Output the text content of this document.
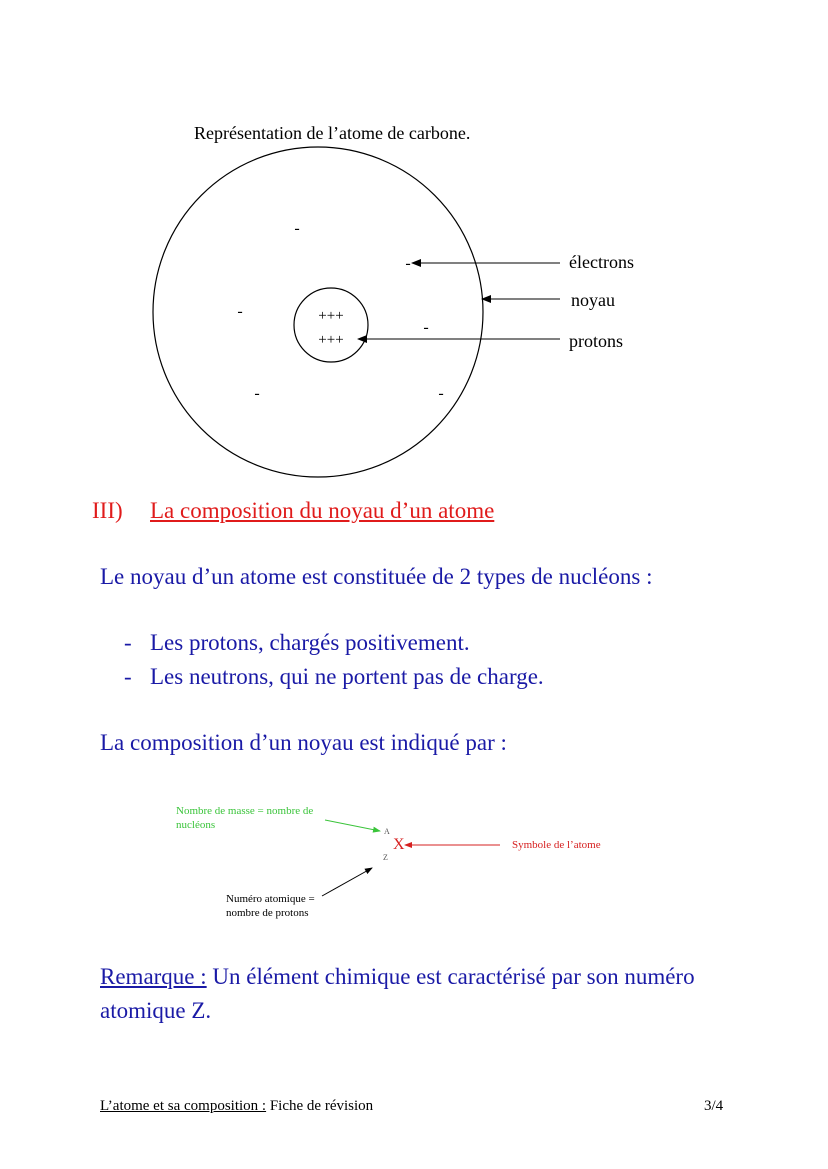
Représentation de l’atome de carbone.
+++
+++
-
-
-
-
-	-
électrons
noyau
protons
III) La composition du noyau d’un atome
Le noyau d’un atome est constituée de 2 types de nucléons :
- Les protons, chargés positivement.
- Les neutrons, qui ne portent pas de charge.
La composition d’un noyau est indiqué par :
Nombre de masse = nombre de nucléons
Numéro atomique = nombre de protons
Symbole de l’atome
A
X
Z
Remarque : Un élément chimique est caractérisé par son numéro atomique Z.
L’atome et sa composition : Fiche de révision	3/4
